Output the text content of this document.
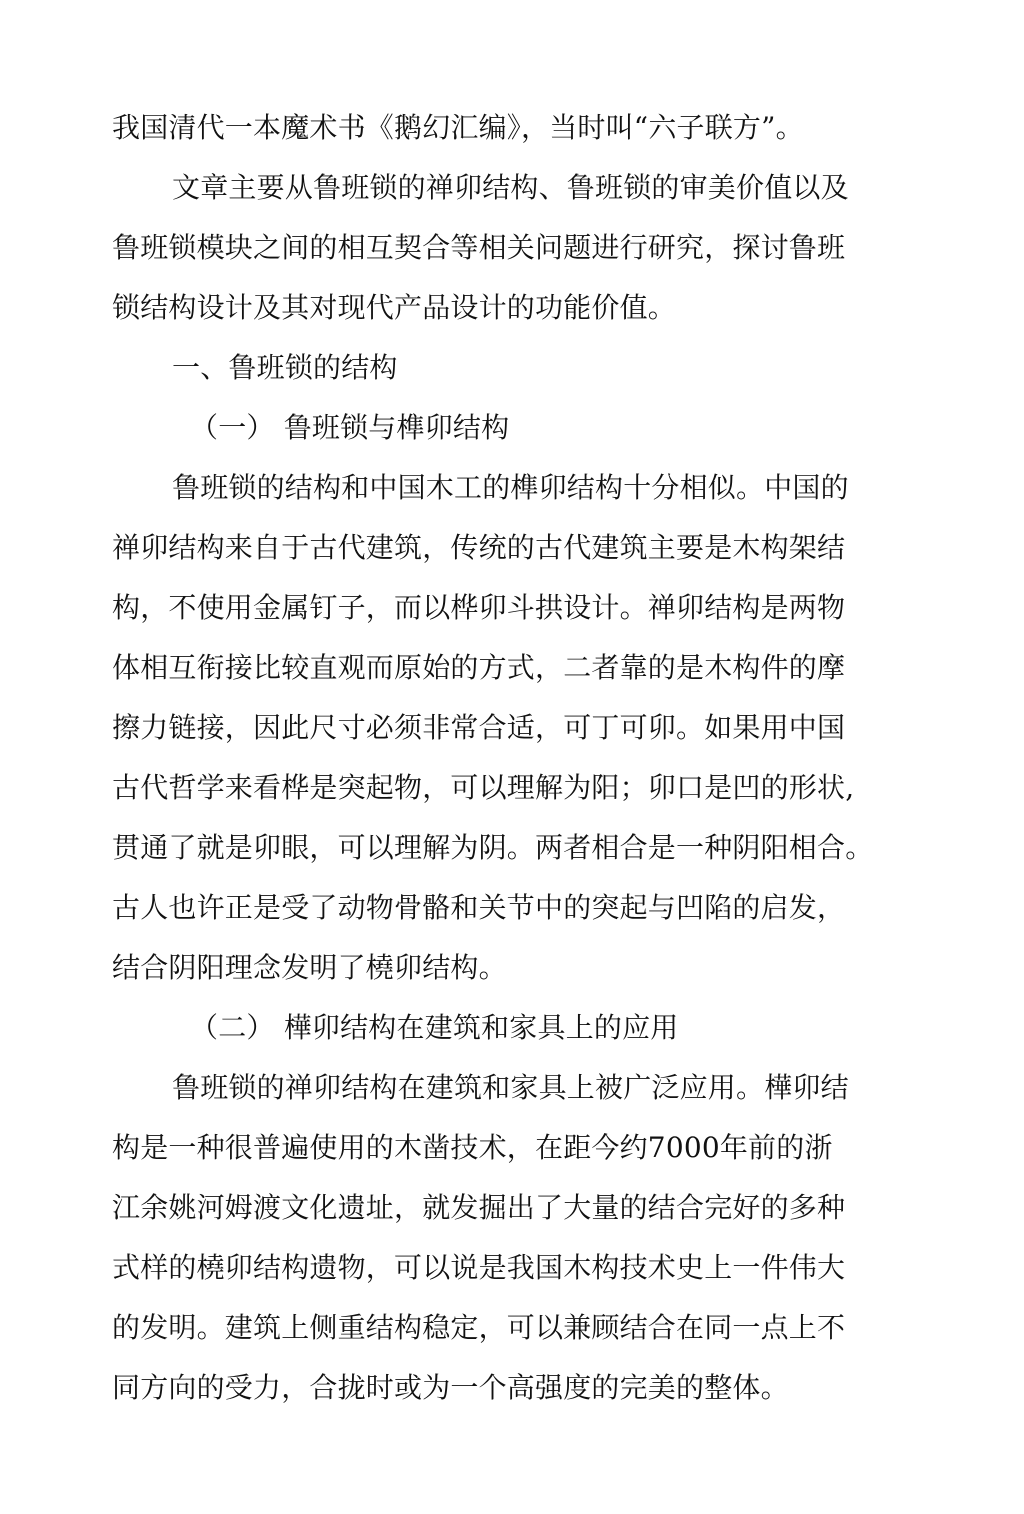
我国清代一本魔术书《鹅幻汇编》，当时叫“六子联方”。
文章主要从鲁班锁的禅卯结构、鲁班锁的审美价值以及
鲁班锁模块之间的相互契合等相关问题进行研究，探讨鲁班
锁结构设计及其对现代产品设计的功能价值。
一、鲁班锁的结构
（一） 鲁班锁与榫卯结构
鲁班锁的结构和中国木工的榫卯结构十分相似。中国的
禅卯结构来自于古代建筑，传统的古代建筑主要是木构架结
构，不使用金属钉子，而以桦卯斗拱设计。禅卯结构是两物
体相互衔接比较直观而原始的方式，二者靠的是木构件的摩
擦力链接，因此尺寸必须非常合适，可丁可卯。如果用中国
古代哲学来看桦是突起物，可以理解为阳；卯口是凹的形状,
贯通了就是卯眼，可以理解为阴。两者相合是一种阴阳相合。
古人也许正是受了动物骨骼和关节中的突起与凹陷的启发，
结合阴阳理念发明了橈卯结构。
（二） 樺卯结构在建筑和家具上的应用
鲁班锁的禅卯结构在建筑和家具上被广泛应用。樺卯结
构是一种很普遍使用的木凿技术，在距今约7000年前的浙
江余姚河姆渡文化遗址，就发掘出了大量的结合完好的多种
式样的橈卯结构遗物，可以说是我国木构技术史上一件伟大
的发明。建筑上侧重结构稳定，可以兼顾结合在同一点上不
同方向的受力，合拢时或为一个高强度的完美的整体。
